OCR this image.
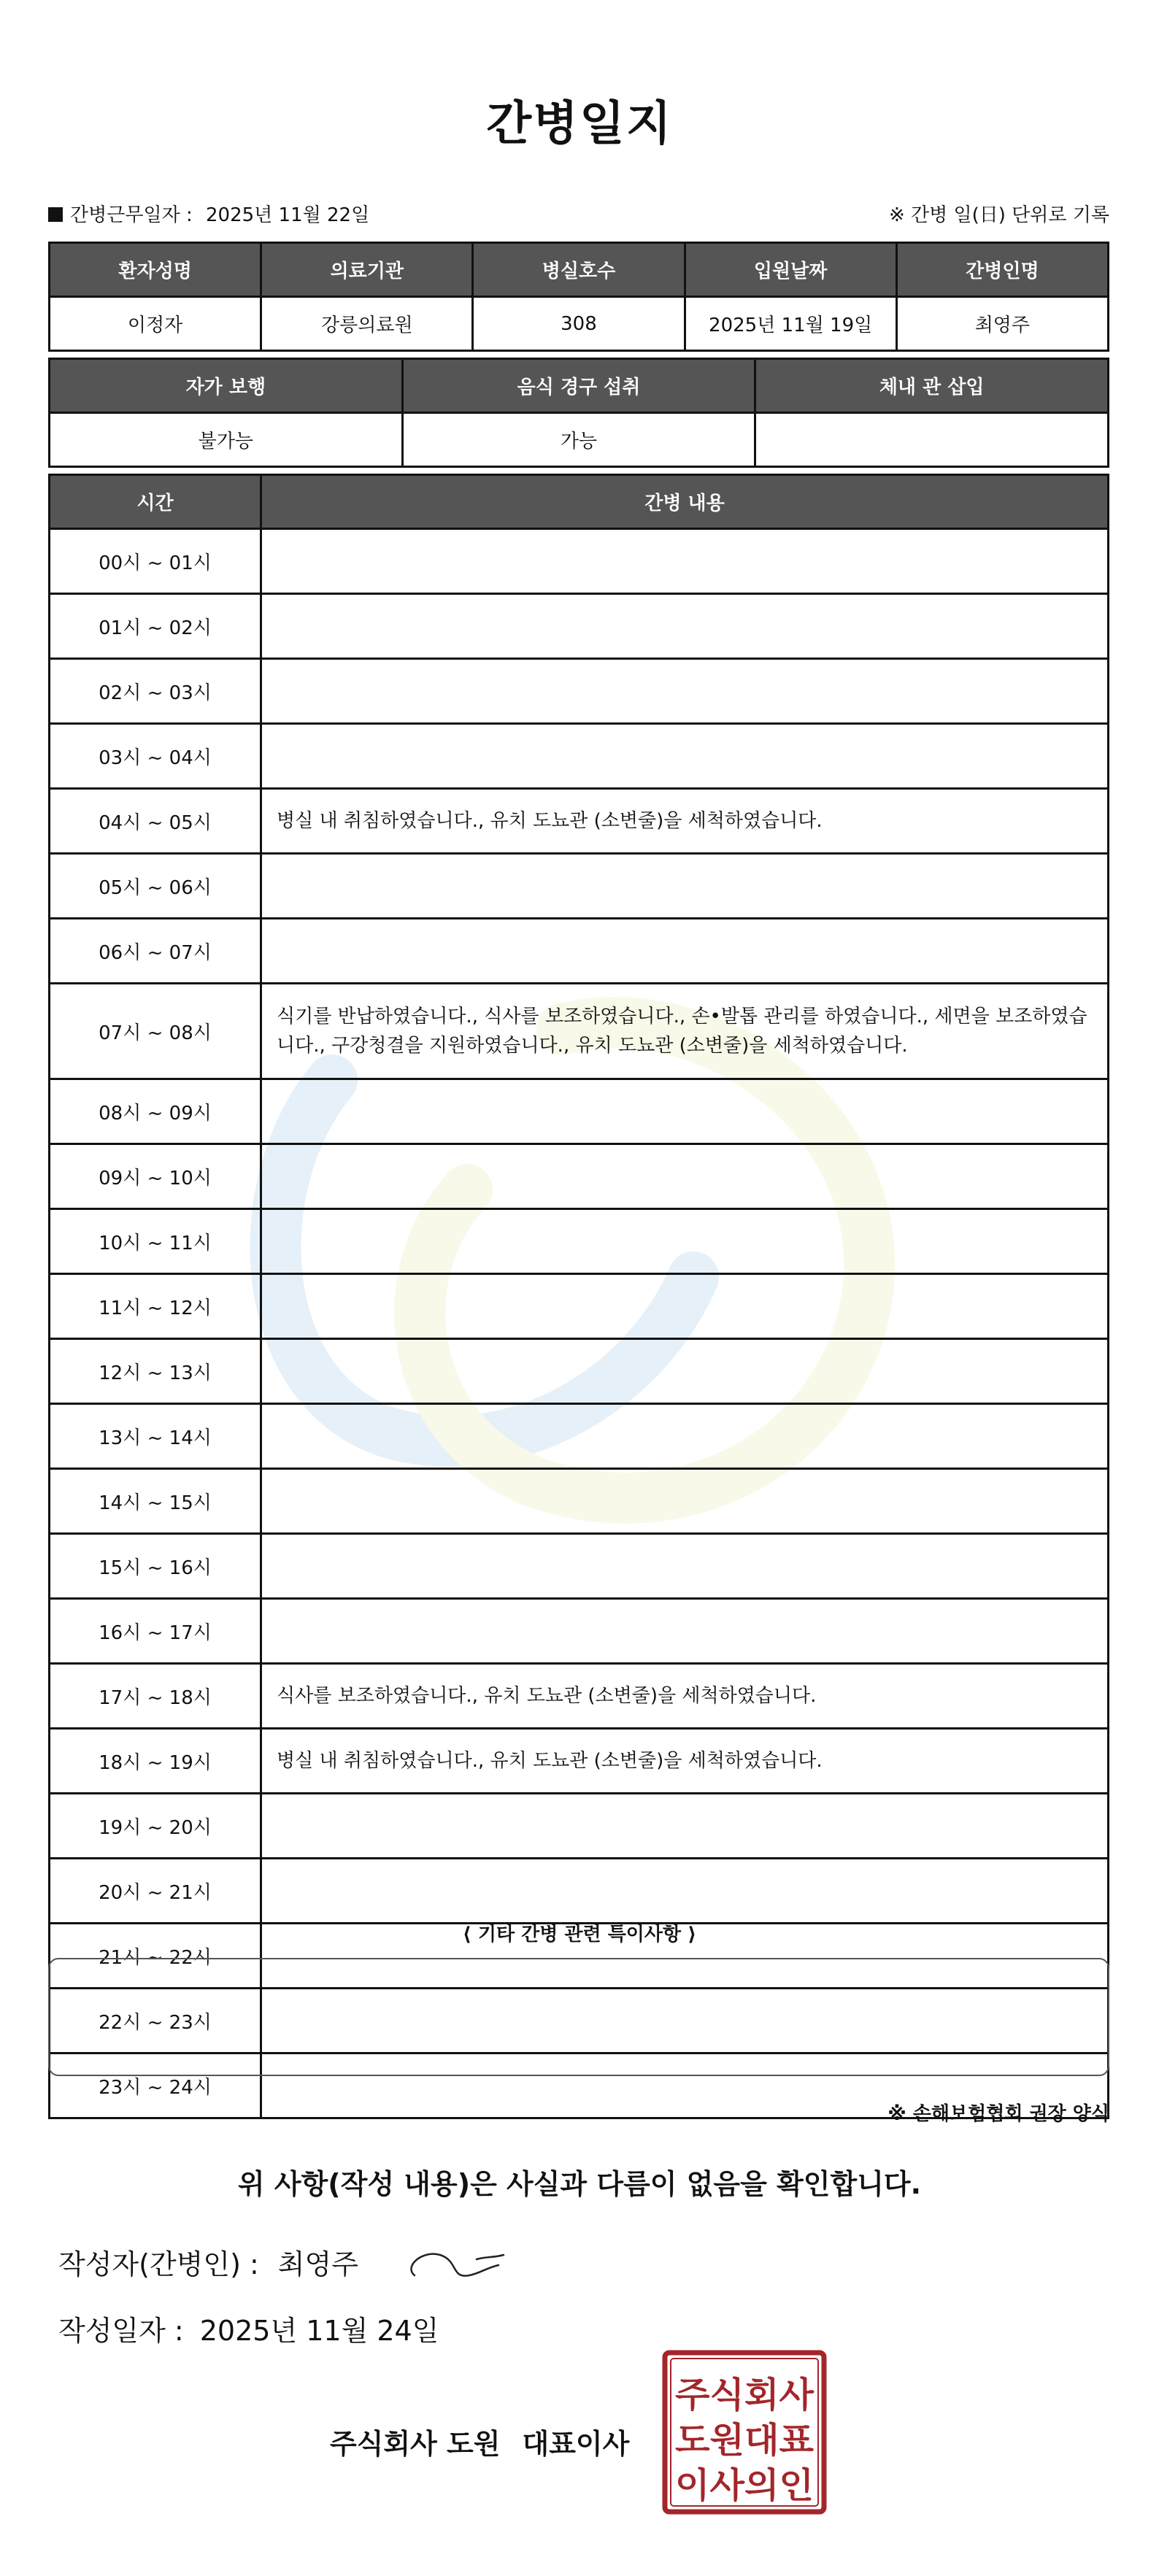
간병일지
간병근무일자 : 2025년 11월 22일	※ 간병 일(日) 단위로 기록
환자성명	의료기관	병실호수	입원날짜	간병인명
이정자	강릉의료원	308	2025년 11월 19일	최영주
자가 보행	음식 경구 섭취	체내 관 삽입
불가능	가능	
시간	간병 내용
00시 ~ 01시	
01시 ~ 02시	
02시 ~ 03시	
03시 ~ 04시	
04시 ~ 05시	병실 내 취침하였습니다., 유치 도뇨관 (소변줄)을 세척하였습니다.
05시 ~ 06시	
06시 ~ 07시	
07시 ~ 08시	식기를 반납하였습니다., 식사를 보조하였습니다., 손•발톱 관리를 하였습니다., 세면을 보조하였습니다., 구강청결을 지원하였습니다., 유치 도뇨관 (소변줄)을 세척하였습니다.
08시 ~ 09시	
09시 ~ 10시	
10시 ~ 11시	
11시 ~ 12시	
12시 ~ 13시	
13시 ~ 14시	
14시 ~ 15시	
15시 ~ 16시	
16시 ~ 17시	
17시 ~ 18시	식사를 보조하였습니다., 유치 도뇨관 (소변줄)을 세척하였습니다.
18시 ~ 19시	병실 내 취침하였습니다., 유치 도뇨관 (소변줄)을 세척하였습니다.
19시 ~ 20시	
20시 ~ 21시	
21시 ~ 22시	
22시 ~ 23시	
23시 ~ 24시	
⟨ 기타 간병 관련 특이사항 ⟩
※ 손해보험협회 권장 양식
위 사항(작성 내용)은 사실과 다름이 없음을 확인합니다.
작성자(간병인) : 최영주
작성일자 : 2025년 11월 24일
주식회사 도원 대표이사
주식회사
도원대표
이사의인
